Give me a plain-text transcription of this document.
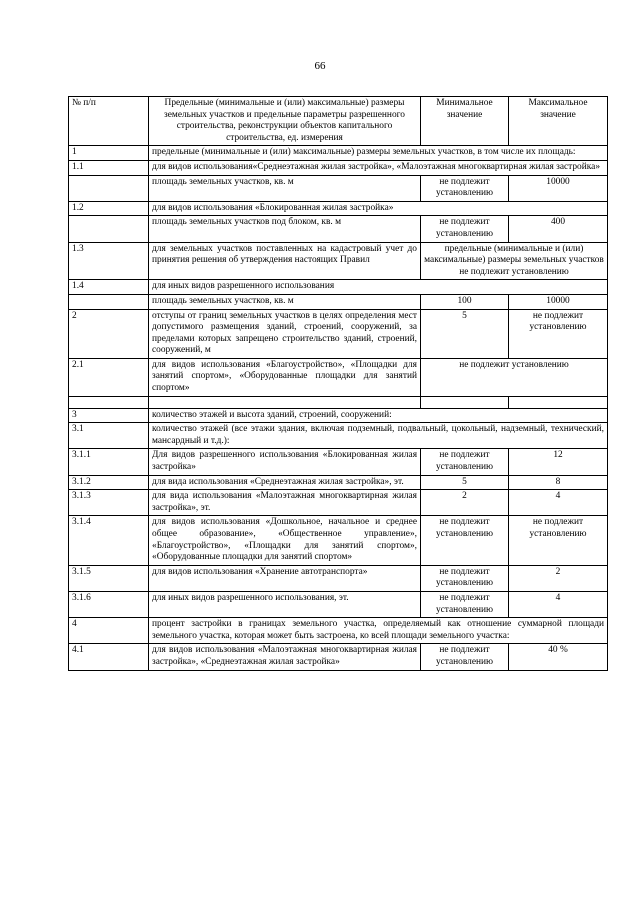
66
№ п/п	Предельные (минимальные и (или) максимальные) размеры земельных участков и предельные параметры разрешенного строительства, реконструкции объектов капитального строительства, ед. измерения	Минимальное значение	Максимальное значение
1	предельные (минимальные и (или) максимальные) размеры земельных участков, в том числе их площадь:		
1.1	для видов использования«Среднеэтажная жилая застройка», «Малоэтажная многоквартирная жилая застройка»		
	площадь земельных участков, кв. м	не подлежит установлению	10000
1.2	для видов использования «Блокированная жилая застройка»		
	площадь земельных участков под блоком, кв. м	не подлежит установлению	400
1.3	для земельных участков поставленных на кадастровый учет до принятия решения об утверждения настоящих Правил	предельные (минимальные и (или) максимальные) размеры земельных участков не подлежит установлению	
1.4	для иных видов разрешенного использования		
	площадь земельных участков, кв. м	100	10000
2	отступы от границ земельных участков в целях определения мест допустимого размещения зданий, строений, сооружений, за пределами которых запрещено строительство зданий, строений, сооружений, м	5	не подлежит установлению
2.1	для видов использования «Благоустройство», «Площадки для занятий спортом», «Оборудованные площадки для занятий спортом»	не подлежит установлению	

3	количество этажей и высота зданий, строений, сооружений:		
3.1	количество этажей (все этажи здания, включая подземный, подвальный, цокольный, надземный, технический, мансардный и т.д.):		
3.1.1	Для видов разрешенного использования «Блокированная жилая застройка»	не подлежит установлению	12
3.1.2	для вида использования «Среднеэтажная жилая застройка», эт.	5	8
3.1.3	для вида использования «Малоэтажная многоквартирная жилая застройка», эт.	2	4
3.1.4	для видов использования «Дошкольное, начальное и среднее общее образование», «Общественное управление», «Благоустройство», «Площадки для занятий спортом», «Оборудованные площадки для занятий спортом»	не подлежит установлению	не подлежит установлению
3.1.5	для видов использования «Хранение автотранспорта»	не подлежит установлению	2
3.1.6	для иных видов разрешенного использования, эт.	не подлежит установлению	4
4	процент застройки в границах земельного участка, определяемый как отношение суммарной площади земельного участка, которая может быть застроена, ко всей площади земельного участка:		
4.1	для видов использования «Малоэтажная многоквартирная жилая застройка», «Среднеэтажная жилая застройка»	не подлежит установлению	40 %
